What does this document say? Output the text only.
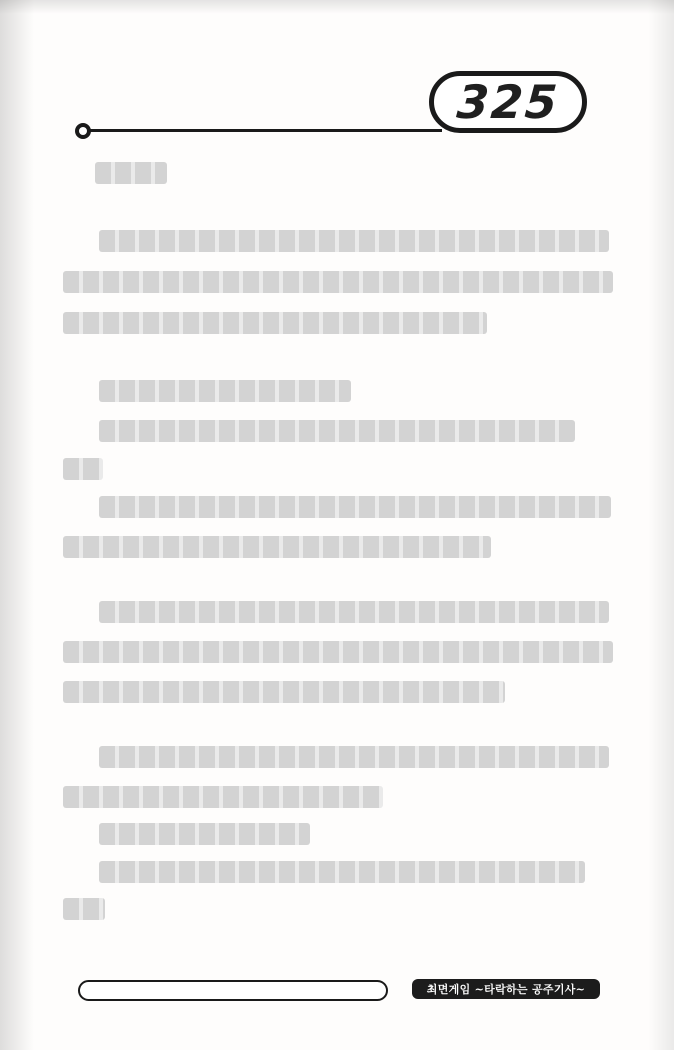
325
최면게임 ~타락하는 공주기사~
